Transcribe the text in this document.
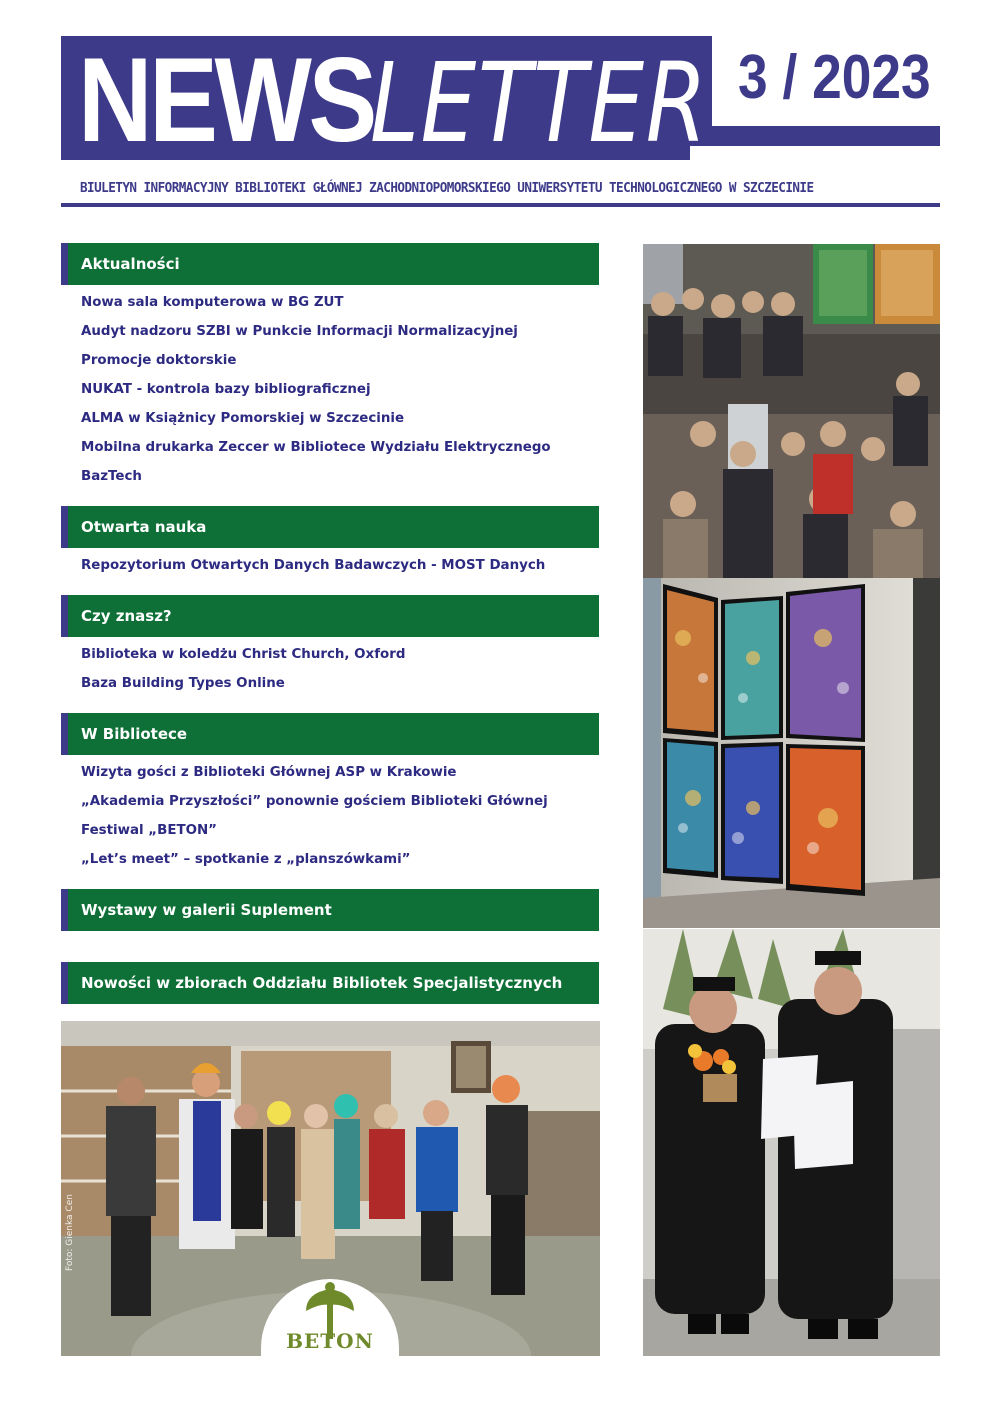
NEWS
LETTER 3 / 2023
BIULETYN INFORMACYJNY BIBLIOTEKI GŁÓWNEJ ZACHODNIOPOMORSKIEGO UNIWERSYTETU TECHNOLOGICZNEGO W SZCZECINIE
Aktualności
Nowa sala komputerowa w BG ZUT
Audyt nadzoru SZBI w Punkcie Informacji Normalizacyjnej
Promocje doktorskie
NUKAT - kontrola bazy bibliograficznej
ALMA w Książnicy Pomorskiej w Szczecinie
Mobilna drukarka Zeccer w Bibliotece Wydziału Elektrycznego
BazTech
Otwarta nauka
Repozytorium Otwartych Danych Badawczych - MOST Danych
Czy znasz?
Biblioteka w koledżu Christ Church, Oxford
Baza Building Types Online
W Bibliotece
Wizyta gości z Biblioteki Głównej ASP w Krakowie
„Akademia Przyszłości” ponownie gościem Biblioteki Głównej
Festiwal „BETON”
„Let’s meet” – spotkanie z „planszówkami”
Wystawy w galerii Suplement
Nowości w zbiorach Oddziału Bibliotek Specjalistycznych
Foto: Gienka Cen
BETON
